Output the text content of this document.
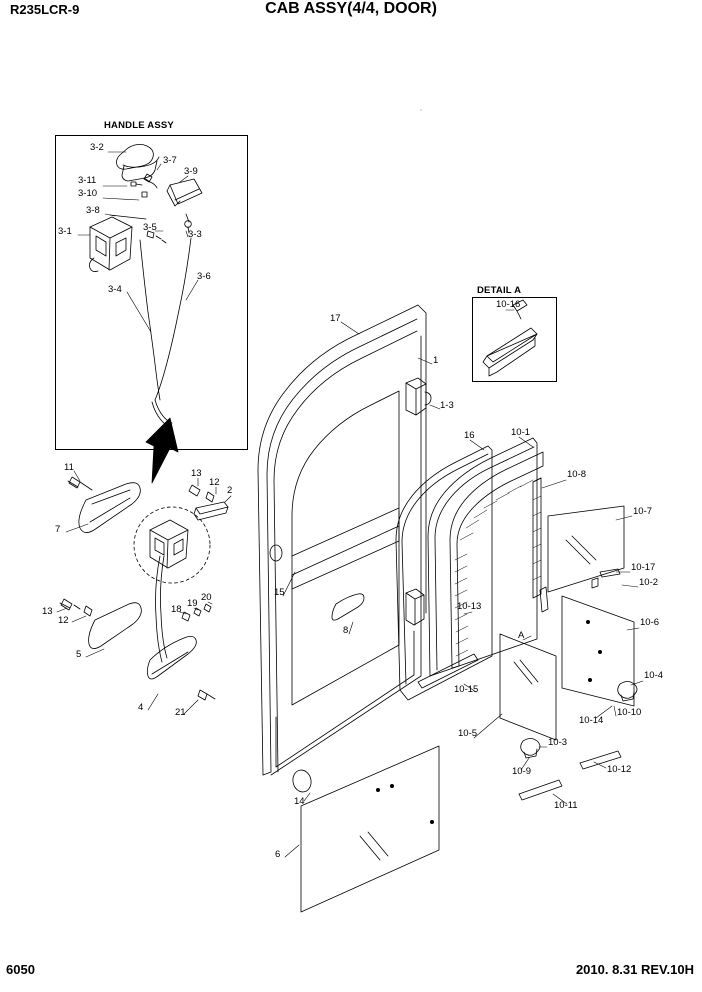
R235LCR-9	CAB ASSY(4/4, DOOR)
HANDLE ASSY
DETAIL A
3-2
3-7
3-9
3-11
3-10
3-8
3-1	3-5
3-3
3-6
3-4
10-16
17
1
1-3
16	10-1
11
13
12
2
10-8
10-7
7
10-17
10-2
15
13
12
18
19
20
10-13
10-6
A
8
5
10-4
10-15
10-10
10-14
4	21
10-5
10-3
10-9	10-12
10-11
14
6
6050	2010. 8.31 REV.10H
